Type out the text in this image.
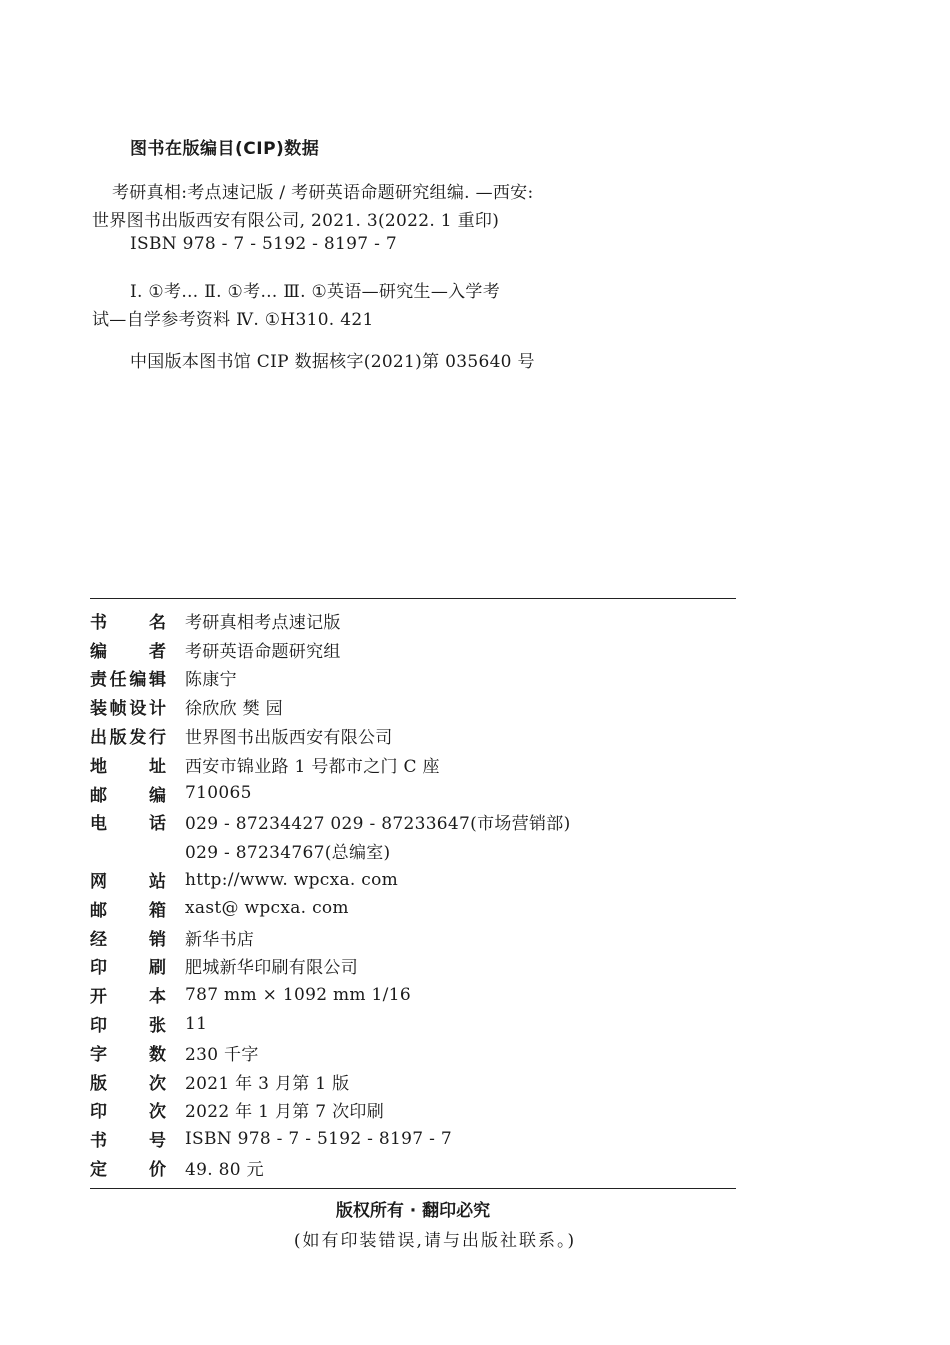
图书在版编目(CIP)数据
考研真相:考点速记版 / 考研英语命题研究组编. —西安:
世界图书出版西安有限公司, 2021. 3(2022. 1 重印)
ISBN 978 - 7 - 5192 - 8197 - 7
Ⅰ. ①考… Ⅱ. ①考… Ⅲ. ①英语—研究生—入学考
试—自学参考资料 Ⅳ. ①H310. 421
中国版本图书馆 CIP 数据核字(2021)第 035640 号
书名 考研真相考点速记版
编者 考研英语命题研究组
责任编辑 陈康宁
装帧设计 徐欣欣 樊 园
出版发行 世界图书出版西安有限公司
地址 西安市锦业路 1 号都市之门 C 座
邮编 710065
电话 029 - 87234427 029 - 87233647(市场营销部)
029 - 87234767(总编室)
网站 http://www. wpcxa. com
邮箱 xast@ wpcxa. com
经销 新华书店
印刷 肥城新华印刷有限公司
开本 787 mm × 1092 mm 1/16
印张 11
字数 230 千字
版次 2021 年 3 月第 1 版
印次 2022 年 1 月第 7 次印刷
书号 ISBN 978 - 7 - 5192 - 8197 - 7
定价 49. 80 元
版权所有 · 翻印必究
(如有印装错误,请与出版社联系。)
